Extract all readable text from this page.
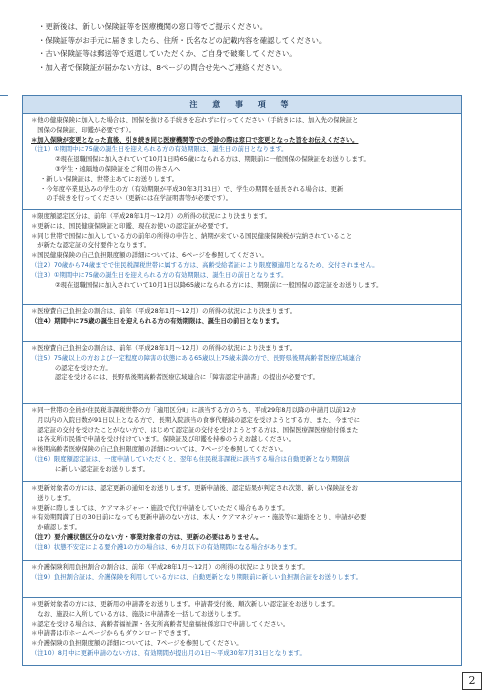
・更新後は、新しい保険証等を医療機関の窓口等でご提示ください。
・保険証等がお手元に届きましたら、住所・氏名などの記載内容を確認してください。
・古い保険証等は郵送等で返還していただくか、ご自身で破棄してください。
・加入者で保険証が届かない方は、8ページの問合せ先へご連絡ください。
注 意 事 項 等
＊他の健康保険に加入した場合は、国保を抜ける手続きを忘れずに行ってください（手続きには、加入先の保険証と
　国保の保険証、印鑑が必要です）。
＊加入保険が変更となった直後、引き続き同じ医療機関等での受診の際は窓口で変更となった旨をお伝えください。
（注1）①期間中に75歳の誕生日を迎えられる方の有効期限は、誕生日の前日となります。
②現在退職国保に加入されていて10月1日時65歳になられる方は、期限前に一般国保の保険証をお送りします。
③学生・遠隔地の保険証をご利用の皆さんへ
・新しい保険証は、世帯主あてにお送りします。
・今年度卒業見込みの学生の方（有効期限が平成30年3月31日）で、学生の期間を延長される場合は、更新
　の手続きを行ってください（更新には在学証明書等が必要です）。
＊限度額認定区分は、前年（平成28年1月～12月）の所得の状況により決まります。
＊更新には、国民健康保険証と印鑑、現在お使いの認定証が必要です。
＊同じ世帯で国保に加入している方の前年の所得の申告と、納期が来ている国民健康保険税が完納されていること
　が新たな認定証の交付要件となります。
＊国民健康保険の自己負担限度額の詳細については、6ページを参照してください。
（注2）70歳から74歳までで住民税課税世帯に属する方は、高齢受給者証により限度額適用となるため、交付されません。
（注3）①期間中に75歳の誕生日を迎えられる方の有効期限は、誕生日の前日となります。
②現在退職国保に加入されていて10月1日以降65歳になられる方には、期限前に一般国保の認定証をお送りします。
＊医療費自己負担金の割合は、前年（平成28年1月～12月）の所得の状況により決まります。
（注4）期間中に75歳の誕生日を迎えられる方の有効期限は、誕生日の前日となります。
＊医療費自己負担金の割合は、前年（平成28年1月～12月）の所得の状況により決まります。
（注5）75歳以上の方および一定程度の障害の状態にある65歳以上75歳未満の方で、長野県後期高齢者医療広域連合
の認定を受けた方。
認定を受けるには、長野県後期高齢者医療広域連合に「障害認定申請書」の提出が必要です。
＊同一世帯の全員が住民税非課税世帯の方「適用区分Ⅱ」に該当する方のうち、平成29年8月以降の申請月以前12カ
　月以内の入院日数が91日以上となる方で、長期入院該当の食事代軽減の認定を受けようとする方、また、今までに
　認定証の交付を受けたことがない方で、はじめて認定証の交付を受けようとする方は、国保医療課医療給付係また
　は各支所市民係で申請を受け付けています。保険証及び印鑑を持参のうえお越しください。
＊後期高齢者医療保険の自己負担限度額の詳細については、7ページを参照してください。
（注6）限度額認定証は、一度申請していただくと、翌年も住民税非課税に該当する場合は自動更新となり期限前
に新しい認定証をお送りします。
＊更新対象者の方には、認定更新の通知をお送りします。更新申請後、認定結果が判定され次第、新しい保険証をお
　送りします。
＊更新に際しましては、ケアマネジャー・施設で代行申請をしていただく場合もあります。
＊有効期間満了日の30日前になっても更新申請のない方は、本人・ケアマネジャー・施設等に連絡をとり、申請が必要
　か確認します。
（注7）要介護状態区分のない方・事業対象者の方は、更新の必要はありません。
（注8）状態不安定による要介護1の方の場合は、6カ月以下の有効期間になる場合があります。
＊介護保険利用負担割合の割合は、前年（平成28年1月～12月）の所得の状況により決まります。
（注9）負担割合証は、介護保険を利用している方には、自動更新となり期限前に新しい負担割合証をお送りします。
＊更新対象者の方には、更新用の申請書をお送りします。申請書受付後、順次新しい認定証をお送りします。
　なお、施設に入所している方は、施設に申請書を一括してお送りします。
＊認定を受ける場合は、高齢者福祉課・各支所高齢者児童福祉係窓口で申請してください。
＊申請書は市ホームページからもダウンロードできます。
＊介護保険の負担限度額の詳細については、7ページを参照してください。
（注10）8月中に更新申請のない方は、有効期間が提出月の1日～平成30年7月31日となります。
2
